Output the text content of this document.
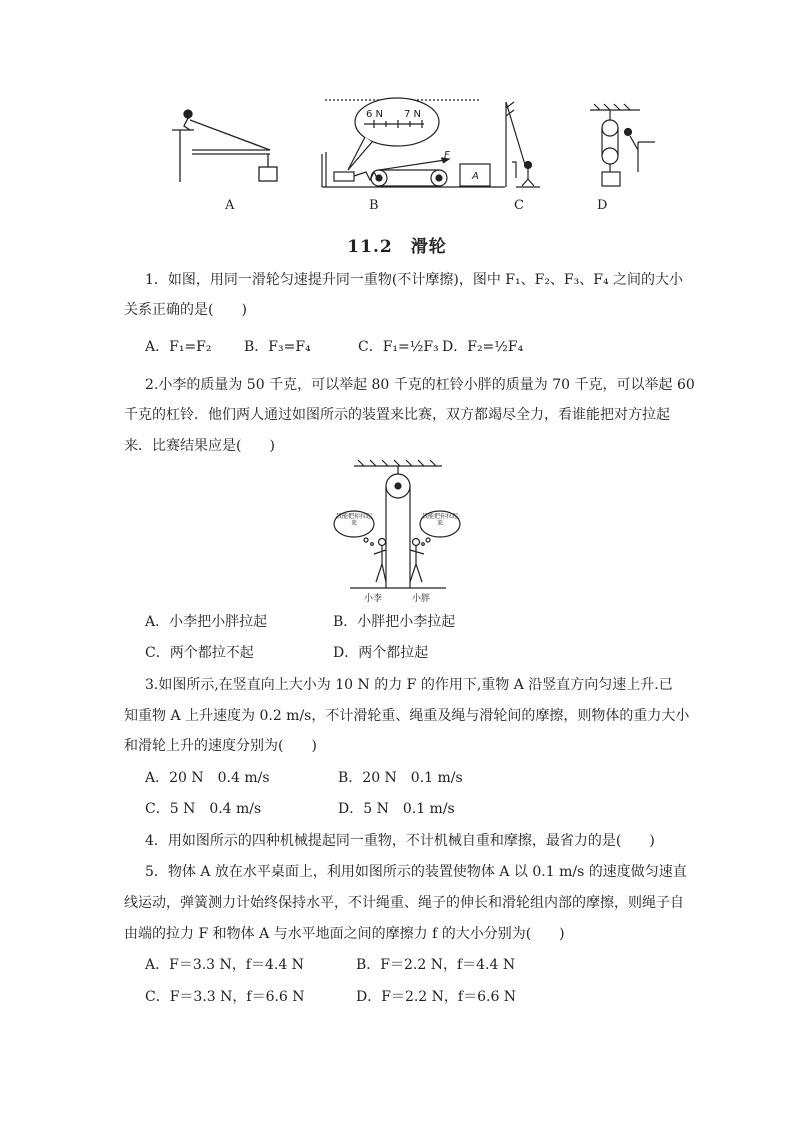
6 N 7 N
F
A
A	B	C	D
11.2　滑轮
1．如图，用同一滑轮匀速提升同一重物(不计摩擦)，图中 F₁、F₂、F₃、F₄ 之间的大小
关系正确的是(　　)
A．F₁=F₂ B．F₃=F₄	C．F₁=½F₃ D．F₂=½F₄
2.小李的质量为 50 千克，可以举起 80 千克的杠铃小胖的质量为 70 千克，可以举起 60
千克的杠铃．他们两人通过如图所示的装置来比赛，双方都竭尽全力，看谁能把对方拉起
来．比赛结果应是(　　)
我能把你拉起来
我能把你拉起来
小李	小胖
A．小李把小胖拉起	B．小胖把小李拉起
C．两个都拉不起	D．两个都拉起
3.如图所示,在竖直向上大小为 10 N 的力 F 的作用下,重物 A 沿竖直方向匀速上升.已
知重物 A 上升速度为 0.2 m/s，不计滑轮重、绳重及绳与滑轮间的摩擦，则物体的重力大小
和滑轮上升的速度分别为(　　)
A．20 N　0.4 m/s	B．20 N　0.1 m/s
C．5 N　0.4 m/s	D．5 N　0.1 m/s
4．用如图所示的四种机械提起同一重物，不计机械自重和摩擦，最省力的是(　　)
5．物体 A 放在水平桌面上，利用如图所示的装置使物体 A 以 0.1 m/s 的速度做匀速直
线运动，弹簧测力计始终保持水平，不计绳重、绳子的伸长和滑轮组内部的摩擦，则绳子自
由端的拉力 F 和物体 A 与水平地面之间的摩擦力 f 的大小分别为(　　)
A．F＝3.3 N，f＝4.4 N	B．F＝2.2 N，f＝4.4 N
C．F＝3.3 N，f＝6.6 N	D．F＝2.2 N，f＝6.6 N
